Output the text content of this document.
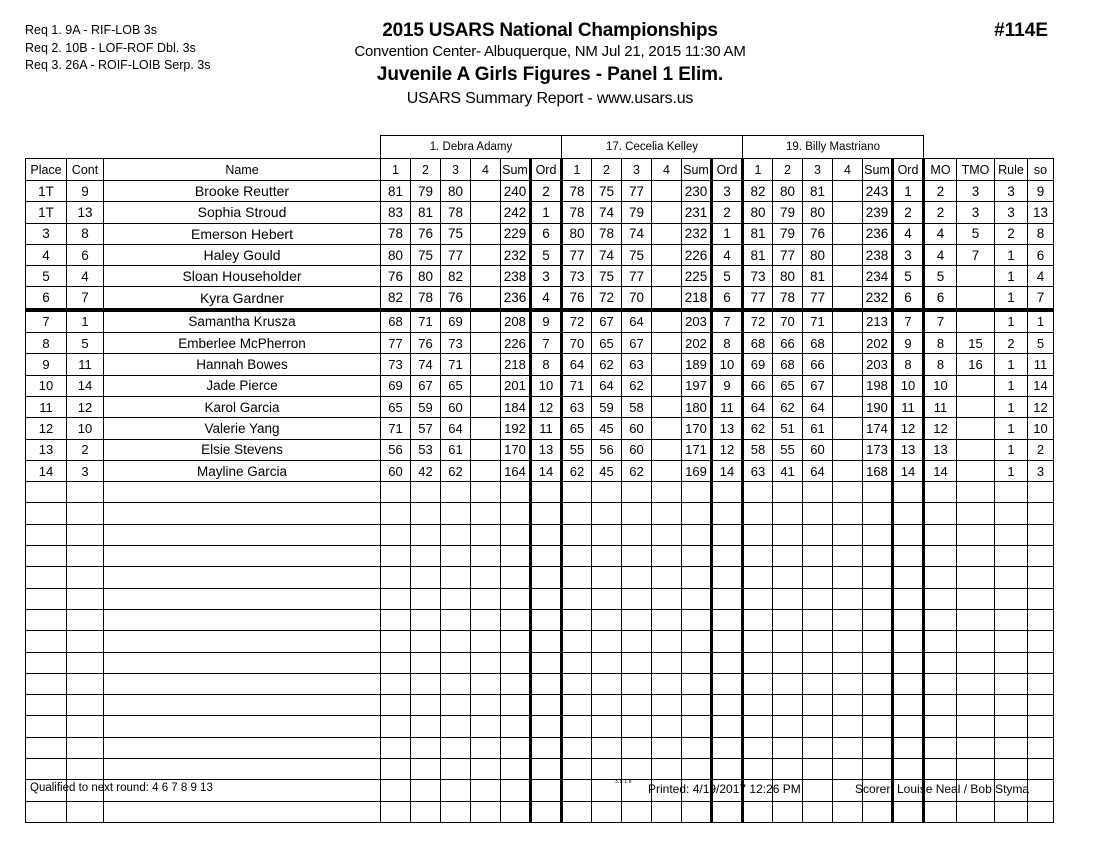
Req 1. 9A - RIF-LOB 3s
Req 2. 10B - LOF-ROF Dbl. 3s
Req 3. 26A - ROIF-LOIB Serp. 3s
2015 USARS National Championships
Convention Center- Albuquerque, NM Jul 21, 2015 11:30 AM
Juvenile A Girls Figures - Panel 1 Elim.
USARS Summary Report - www.usars.us
#114E
			1. Debra Adamy						17. Cecelia Kelley						19. Billy Mastriano									
Place	Cont	Name	1	2	3	4	Sum	Ord	1	2	3	4	Sum	Ord	1	2	3	4	Sum	Ord	MO	TMO	Rule	so
1T	9	Brooke Reutter	81	79	80		240	2	78	75	77		230	3	82	80	81		243	1	2	3	3	9
1T	13	Sophia Stroud	83	81	78		242	1	78	74	79		231	2	80	79	80		239	2	2	3	3	13
3	8	Emerson Hebert	78	76	75		229	6	80	78	74		232	1	81	79	76		236	4	4	5	2	8
4	6	Haley Gould	80	75	77		232	5	77	74	75		226	4	81	77	80		238	3	4	7	1	6
5	4	Sloan Householder	76	80	82		238	3	73	75	77		225	5	73	80	81		234	5	5		1	4
6	7	Kyra Gardner	82	78	76		236	4	76	72	70		218	6	77	78	77		232	6	6		1	7
7	1	Samantha Krusza	68	71	69		208	9	72	67	64		203	7	72	70	71		213	7	7		1	1
8	5	Emberlee McPherron	77	76	73		226	7	70	65	67		202	8	68	66	68		202	9	8	15	2	5
9	11	Hannah Bowes	73	74	71		218	8	64	62	63		189	10	69	68	66		203	8	8	16	1	11
10	14	Jade Pierce	69	67	65		201	10	71	64	62		197	9	66	65	67		198	10	10		1	14
11	12	Karol Garcia	65	59	60		184	12	63	59	58		180	11	64	62	64		190	11	11		1	12
12	10	Valerie Yang	71	57	64		192	11	65	45	60		170	13	62	51	61		174	12	12		1	10
13	2	Elsie Stevens	56	53	61		170	13	55	56	60		171	12	58	55	60		173	13	13		1	2
14	3	Mayline Garcia	60	42	62		164	14	62	45	62		169	14	63	41	64		168	14	14		1	3

Qualified to next round: 4 6 7 8 9 13	3.8.1.8 Printed: 4/19/2017 12:26 PM	Scorer: Louise Neal / Bob Styma
